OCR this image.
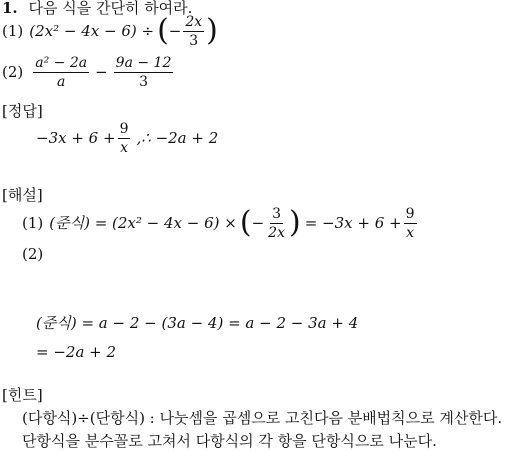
1. 다음 식을 간단히 하여라.
(1) (2x² − 4x − 6) ÷ ( − $\frac{2x}{3}$ )
$(2) \frac{\text{a² − 2a}}{a} - \frac{9a - 12}{3}$
[정답]
$-3x + 6 + \frac{9}{x}$ ,∴ −2a + 2
[해설]
(1) (준식) = (2x² − 4x − 6) × ( − $\frac{3}{2x}$ ) = $-3x + 6 + \frac{9}{x}$
(2)
(준식) = a − 2 − (3a − 4) = a − 2 − 3a + 4
= −2a + 2
[힌트]
(다항식)÷(단항식) : 나눗셈을 곱셈으로 고친다음 분배법칙으로 계산한다.
단항식을 분수꼴로 고쳐서 다항식의 각 항을 단항식으로 나눈다.
